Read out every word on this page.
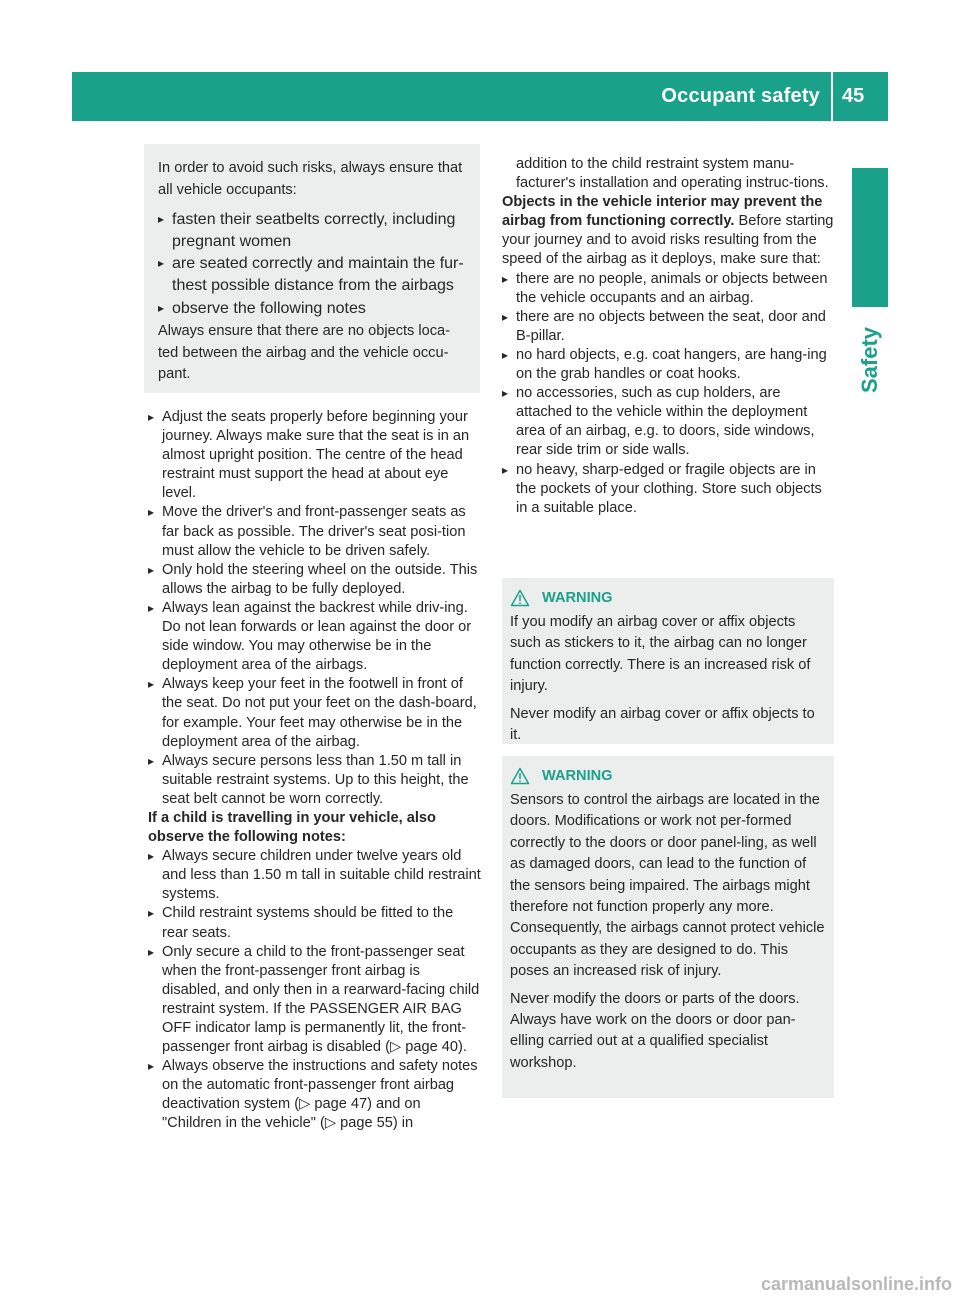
Occupant safety 45
Safety

In order to avoid such risks, always ensure that all vehicle occupants:

▸ fasten their seatbelts correctly, including pregnant women
▸ are seated correctly and maintain the fur-thest possible distance from the airbags
▸ observe the following notes

Always ensure that there are no objects loca-ted between the airbag and the vehicle occu-pant.

▸ Adjust the seats properly before beginning your journey. Always make sure that the seat is in an almost upright position. The centre of the head restraint must support the head at about eye level.
▸ Move the driver's and front-passenger seats as far back as possible. The driver's seat posi-tion must allow the vehicle to be driven safely.
▸ Only hold the steering wheel on the outside. This allows the airbag to be fully deployed.
▸ Always lean against the backrest while driv-ing. Do not lean forwards or lean against the door or side window. You may otherwise be in the deployment area of the airbags.
▸ Always keep your feet in the footwell in front of the seat. Do not put your feet on the dash-board, for example. Your feet may otherwise be in the deployment area of the airbag.
▸ Always secure persons less than 1.50 m tall in suitable restraint systems. Up to this height, the seat belt cannot be worn correctly.

If a child is travelling in your vehicle, also observe the following notes:

▸ Always secure children under twelve years old and less than 1.50 m tall in suitable child restraint systems.
▸ Child restraint systems should be fitted to the rear seats.
▸ Only secure a child to the front-passenger seat when the front-passenger front airbag is disabled, and only then in a rearward-facing child restraint system. If the PASSENGER AIR BAG OFF indicator lamp is permanently lit, the front-passenger front airbag is disabled (▷ page 40).
▸ Always observe the instructions and safety notes on the automatic front-passenger front airbag deactivation system (▷ page 47) and on "Children in the vehicle" (▷ page 55) in

addition to the child restraint system manu-facturer's installation and operating instruc-tions.

Objects in the vehicle interior may prevent the airbag from functioning correctly. Before starting your journey and to avoid risks resulting from the speed of the airbag as it deploys, make sure that:

▸ there are no people, animals or objects between the vehicle occupants and an airbag.
▸ there are no objects between the seat, door and B-pillar.
▸ no hard objects, e.g. coat hangers, are hang-ing on the grab handles or coat hooks.
▸ no accessories, such as cup holders, are attached to the vehicle within the deployment area of an airbag, e.g. to doors, side windows, rear side trim or side walls.
▸ no heavy, sharp-edged or fragile objects are in the pockets of your clothing. Store such objects in a suitable place.
WARNING

If you modify an airbag cover or affix objects such as stickers to it, the airbag can no longer function correctly. There is an increased risk of injury.

Never modify an airbag cover or affix objects to it.

WARNING

Sensors to control the airbags are located in the doors. Modifications or work not per-formed correctly to the doors or door panel-ling, as well as damaged doors, can lead to the function of the sensors being impaired. The airbags might therefore not function properly any more. Consequently, the airbags cannot protect vehicle occupants as they are designed to do. This poses an increased risk of injury.

Never modify the doors or parts of the doors. Always have work on the doors or door pan-elling carried out at a qualified specialist workshop.

carmanualsonline.info
